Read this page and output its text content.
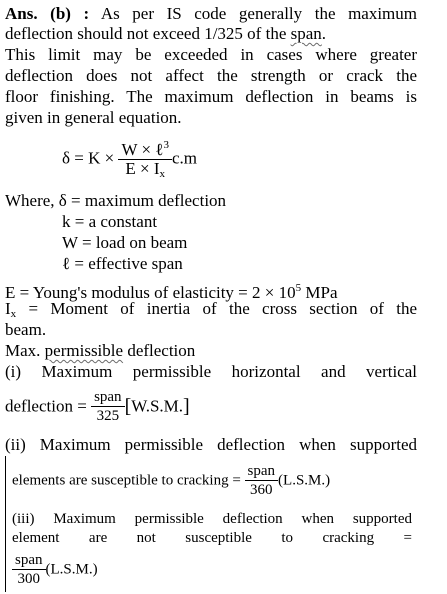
Ans. (b) : As per IS code generally the maximum
deflection should not exceed 1/325 of the span.
This limit may be exceeded in cases where greater
deflection does not affect the strength or crack the
floor finishing. The maximum deflection in beams is
given in general equation.
$\delta = K \times \frac{W \times \ell^3}{E \times I_x} c.m$
Where, δ = maximum deflection
k = a constant
W = load on beam
ℓ = effective span
E = Young's modulus of elasticity = $2 \times 10^5$ MPa
$I_x$ = Moment of inertia of the cross section of the
beam.
Max. permissible deflection
(i) Maximum permissible horizontal and vertical
deflection = $\frac{\text{span}}{325} [W.S.M.]$
(ii) Maximum permissible deflection when supported
elements are susceptible to cracking = $\frac{\text{span}}{360} (L.S.M.)$
(iii) Maximum permissible deflection when supported
element are not susceptible to cracking =
$\frac{\text{span}}{300} (L.S.M.)$
